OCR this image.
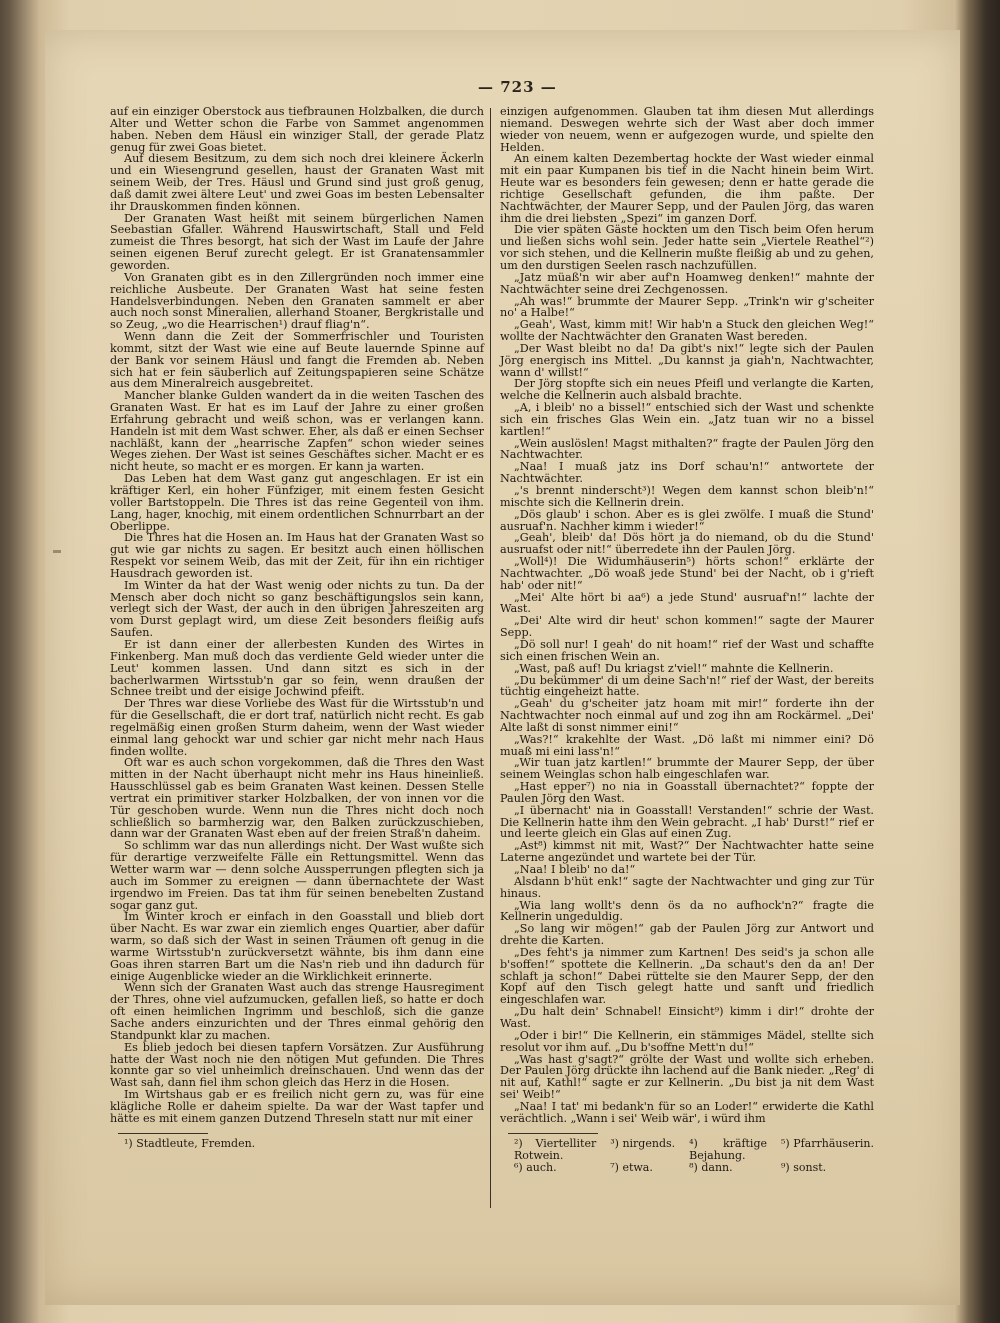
— 723 —

auf ein einziger Oberstock aus tiefbraunen Holzbalken, die durch Alter und Wetter schon die Farbe von Sammet angenommen haben. Neben dem Häusl ein winziger Stall, der gerade Platz genug für zwei Goas bietet.

Auf diesem Besitzum, zu dem sich noch drei kleinere Äckerln und ein Wiesengrund gesellen, haust der Granaten Wast mit seinem Weib, der Tres. Häusl und Grund sind just groß genug, daß damit zwei ältere Leut' und zwei Goas im besten Lebensalter ihr Drauskommen finden können.

Der Granaten Wast heißt mit seinem bürgerlichen Namen Seebastian Gfaller. Während Hauswirtschaft, Stall und Feld zumeist die Thres besorgt, hat sich der Wast im Laufe der Jahre seinen eigenen Beruf zurecht gelegt. Er ist Granatensammler geworden.

Von Granaten gibt es in den Zillergründen noch immer eine reichliche Ausbeute. Der Granaten Wast hat seine festen Handelsverbindungen. Neben den Granaten sammelt er aber auch noch sonst Mineralien, allerhand Stoaner, Bergkristalle und so Zeug, „wo die Hearrischen¹) drauf fliag'n“.

Wenn dann die Zeit der Sommerfrischler und Touristen kommt, sitzt der Wast wie eine auf Beute lauernde Spinne auf der Bank vor seinem Häusl und fangt die Fremden ab. Neben sich hat er fein säuberlich auf Zeitungspapieren seine Schätze aus dem Mineralreich ausgebreitet.

Mancher blanke Gulden wandert da in die weiten Taschen des Granaten Wast. Er hat es im Lauf der Jahre zu einer großen Erfahrung gebracht und weiß schon, was er verlangen kann. Handeln ist mit dem Wast schwer. Eher, als daß er einen Sechser nachläßt, kann der „hearrische Zapfen“ schon wieder seines Weges ziehen. Der Wast ist seines Geschäftes sicher. Macht er es nicht heute, so macht er es morgen. Er kann ja warten.

Das Leben hat dem Wast ganz gut angeschlagen. Er ist ein kräftiger Kerl, ein hoher Fünfziger, mit einem festen Gesicht voller Bartstoppeln. Die Thres ist das reine Gegenteil von ihm. Lang, hager, knochig, mit einem ordentlichen Schnurrbart an der Oberlippe.

Die Thres hat die Hosen an. Im Haus hat der Granaten Wast so gut wie gar nichts zu sagen. Er besitzt auch einen höllischen Respekt vor seinem Weib, das mit der Zeit, für ihn ein richtiger Hausdrach geworden ist.

Im Winter da hat der Wast wenig oder nichts zu tun. Da der Mensch aber doch nicht so ganz beschäftigungslos sein kann, verlegt sich der Wast, der auch in den übrigen Jahreszeiten arg vom Durst geplagt wird, um diese Zeit besonders fleißig aufs Saufen.

Er ist dann einer der allerbesten Kunden des Wirtes in Finkenberg. Man muß doch das verdiente Geld wieder unter die Leut' kommen lassen. Und dann sitzt es sich in der bacherlwarmen Wirtsstub'n gar so fein, wenn draußen der Schnee treibt und der eisige Jochwind pfeift.

Der Thres war diese Vorliebe des Wast für die Wirtsstub'n und für die Gesellschaft, die er dort traf, natürlich nicht recht. Es gab regelmäßig einen großen Sturm daheim, wenn der Wast wieder einmal lang gehockt war und schier gar nicht mehr nach Haus finden wollte.

Oft war es auch schon vorgekommen, daß die Thres den Wast mitten in der Nacht überhaupt nicht mehr ins Haus hineinließ. Hausschlüssel gab es beim Granaten Wast keinen. Dessen Stelle vertrat ein primitiver starker Holzbalken, der von innen vor die Tür geschoben wurde. Wenn nun die Thres nicht doch noch schließlich so barmherzig war, den Balken zurückzuschieben, dann war der Granaten Wast eben auf der freien Straß'n daheim.

So schlimm war das nun allerdings nicht. Der Wast wußte sich für derartige verzweifelte Fälle ein Rettungsmittel. Wenn das Wetter warm war — denn solche Aussperrungen pflegten sich ja auch im Sommer zu ereignen — dann übernachtete der Wast irgendwo im Freien. Das tat ihm für seinen benebelten Zustand sogar ganz gut.

Im Winter kroch er einfach in den Goasstall und blieb dort über Nacht. Es war zwar ein ziemlich enges Quartier, aber dafür warm, so daß sich der Wast in seinen Träumen oft genug in die warme Wirtsstub'n zurückversetzt wähnte, bis ihm dann eine Goas ihren starren Bart um die Nas'n rieb und ihn dadurch für einige Augenblicke wieder an die Wirklichkeit erinnerte.

Wenn sich der Granaten Wast auch das strenge Hausregiment der Thres, ohne viel aufzumucken, gefallen ließ, so hatte er doch oft einen heimlichen Ingrimm und beschloß, sich die ganze Sache anders einzurichten und der Thres einmal gehörig den Standpunkt klar zu machen.

Es blieb jedoch bei diesen tapfern Vorsätzen. Zur Ausführung hatte der Wast noch nie den nötigen Mut gefunden. Die Thres konnte gar so viel unheimlich dreinschauen. Und wenn das der Wast sah, dann fiel ihm schon gleich das Herz in die Hosen.

Im Wirtshaus gab er es freilich nicht gern zu, was für eine klägliche Rolle er daheim spielte. Da war der Wast tapfer und hätte es mit einem ganzen Dutzend Threseln statt nur mit einer

¹) Stadtleute, Fremden.

einzigen aufgenommen. Glauben tat ihm diesen Mut allerdings niemand. Deswegen wehrte sich der Wast aber doch immer wieder von neuem, wenn er aufgezogen wurde, und spielte den Helden.

An einem kalten Dezembertag hockte der Wast wieder einmal mit ein paar Kumpanen bis tief in die Nacht hinein beim Wirt. Heute war es besonders fein gewesen; denn er hatte gerade die richtige Gesellschaft gefunden, die ihm paßte. Der Nachtwächter, der Maurer Sepp, und der Paulen Jörg, das waren ihm die drei liebsten „Spezi“ im ganzen Dorf.

Die vier späten Gäste hockten um den Tisch beim Ofen herum und ließen sichs wohl sein. Jeder hatte sein „Viertele Reathel“²) vor sich stehen, und die Kellnerin mußte fleißig ab und zu gehen, um den durstigen Seelen rasch nachzufüllen.

„Jatz müaß'n wir aber auf'n Hoamweg denken!“ mahnte der Nachtwächter seine drei Zechgenossen.

„Ah was!“ brummte der Maurer Sepp. „Trink'n wir g'scheiter no' a Halbe!“

„Geah', Wast, kimm mit! Wir hab'n a Stuck den gleichen Weg!“ wollte der Nachtwächter den Granaten Wast bereden.

„Der Wast bleibt no da! Da gibt's nix!“ legte sich der Paulen Jörg energisch ins Mittel. „Du kannst ja giah'n, Nachtwachter, wann d' willst!“

Der Jörg stopfte sich ein neues Pfeifl und verlangte die Karten, welche die Kellnerin auch alsbald brachte.

„A, i bleib' no a bissel!“ entschied sich der Wast und schenkte sich ein frisches Glas Wein ein. „Jatz tuan wir no a bissel kartlen!“

„Wein auslöslen! Magst mithalten?“ fragte der Paulen Jörg den Nachtwachter.

„Naa! I muaß jatz ins Dorf schau'n!“ antwortete der Nachtwächter.

„'s brennt ninderscht³)! Wegen dem kannst schon bleib'n!“ mischte sich die Kellnerin drein.

„Dös glaub' i schon. Aber es is glei zwölfe. I muaß die Stund' ausruaf'n. Nachher kimm i wieder!“

„Geah', bleib' da! Dös hört ja do niemand, ob du die Stund' ausruafst oder nit!“ überredete ihn der Paulen Jörg.

„Woll⁴)! Die Widumhäuserin⁵) hörts schon!“ erklärte der Nachtwachter. „Dö woaß jede Stund' bei der Nacht, ob i g'rieft hab' oder nit!“

„Mei' Alte hört bi aa⁶) a jede Stund' ausruaf'n!“ lachte der Wast.

„Dei' Alte wird dir heut' schon kommen!“ sagte der Maurer Sepp.

„Dö soll nur! I geah' do nit hoam!“ rief der Wast und schaffte sich einen frischen Wein an.

„Wast, paß auf! Du kriagst z'viel!“ mahnte die Kellnerin.

„Du bekümmer' di um deine Sach'n!“ rief der Wast, der bereits tüchtig eingeheizt hatte.

„Geah' du g'scheiter jatz hoam mit mir!“ forderte ihn der Nachtwachter noch einmal auf und zog ihn am Rockärmel. „Dei' Alte laßt di sonst nimmer eini!“

„Was?!“ krakehlte der Wast. „Dö laßt mi nimmer eini? Dö muaß mi eini lass'n!“

„Wir tuan jatz kartlen!“ brummte der Maurer Sepp, der über seinem Weinglas schon halb eingeschlafen war.

„Hast epper⁷) no nia in Goasstall übernachtet?“ foppte der Paulen Jörg den Wast.

„I übernacht' nia in Goasstall! Verstanden!“ schrie der Wast. Die Kellnerin hatte ihm den Wein gebracht. „I hab' Durst!“ rief er und leerte gleich ein Glas auf einen Zug.

„Ast⁸) kimmst nit mit, Wast?“ Der Nachtwachter hatte seine Laterne angezündet und wartete bei der Tür.

„Naa! I bleib' no da!“

Alsdann b'hüt enk!“ sagte der Nachtwachter und ging zur Tür hinaus.

„Wia lang wollt's denn ös da no aufhock'n?“ fragte die Kellnerin ungeduldig.

„So lang wir mögen!“ gab der Paulen Jörg zur Antwort und drehte die Karten.

„Des feht's ja nimmer zum Kartnen! Des seid's ja schon alle b'soffen!“ spottete die Kellnerin. „Da schaut's den da an! Der schlaft ja schon!“ Dabei rüttelte sie den Maurer Sepp, der den Kopf auf den Tisch gelegt hatte und sanft und friedlich eingeschlafen war.

„Du halt dein' Schnabel! Einsicht⁹) kimm i dir!“ drohte der Wast.

„Oder i bir!“ Die Kellnerin, ein stämmiges Mädel, stellte sich resolut vor ihm auf. „Du b'soffne Mett'n du!“

„Was hast g'sagt?“ grölte der Wast und wollte sich erheben. Der Paulen Jörg drückte ihn lachend auf die Bank nieder. „Reg' di nit auf, Kathl!“ sagte er zur Kellnerin. „Du bist ja nit dem Wast sei' Weib!“

„Naa! I tat' mi bedank'n für so an Loder!“ erwiderte die Kathl verächtlich. „Wann i sei' Weib wär', i würd ihm

²) Viertelliter Rotwein.
³) nirgends. ⁴) kräftige Bejahung.
⁵) Pfarrhäuserin.
⁶) auch.	⁷) etwa.	⁸) dann.	⁹) sonst.
